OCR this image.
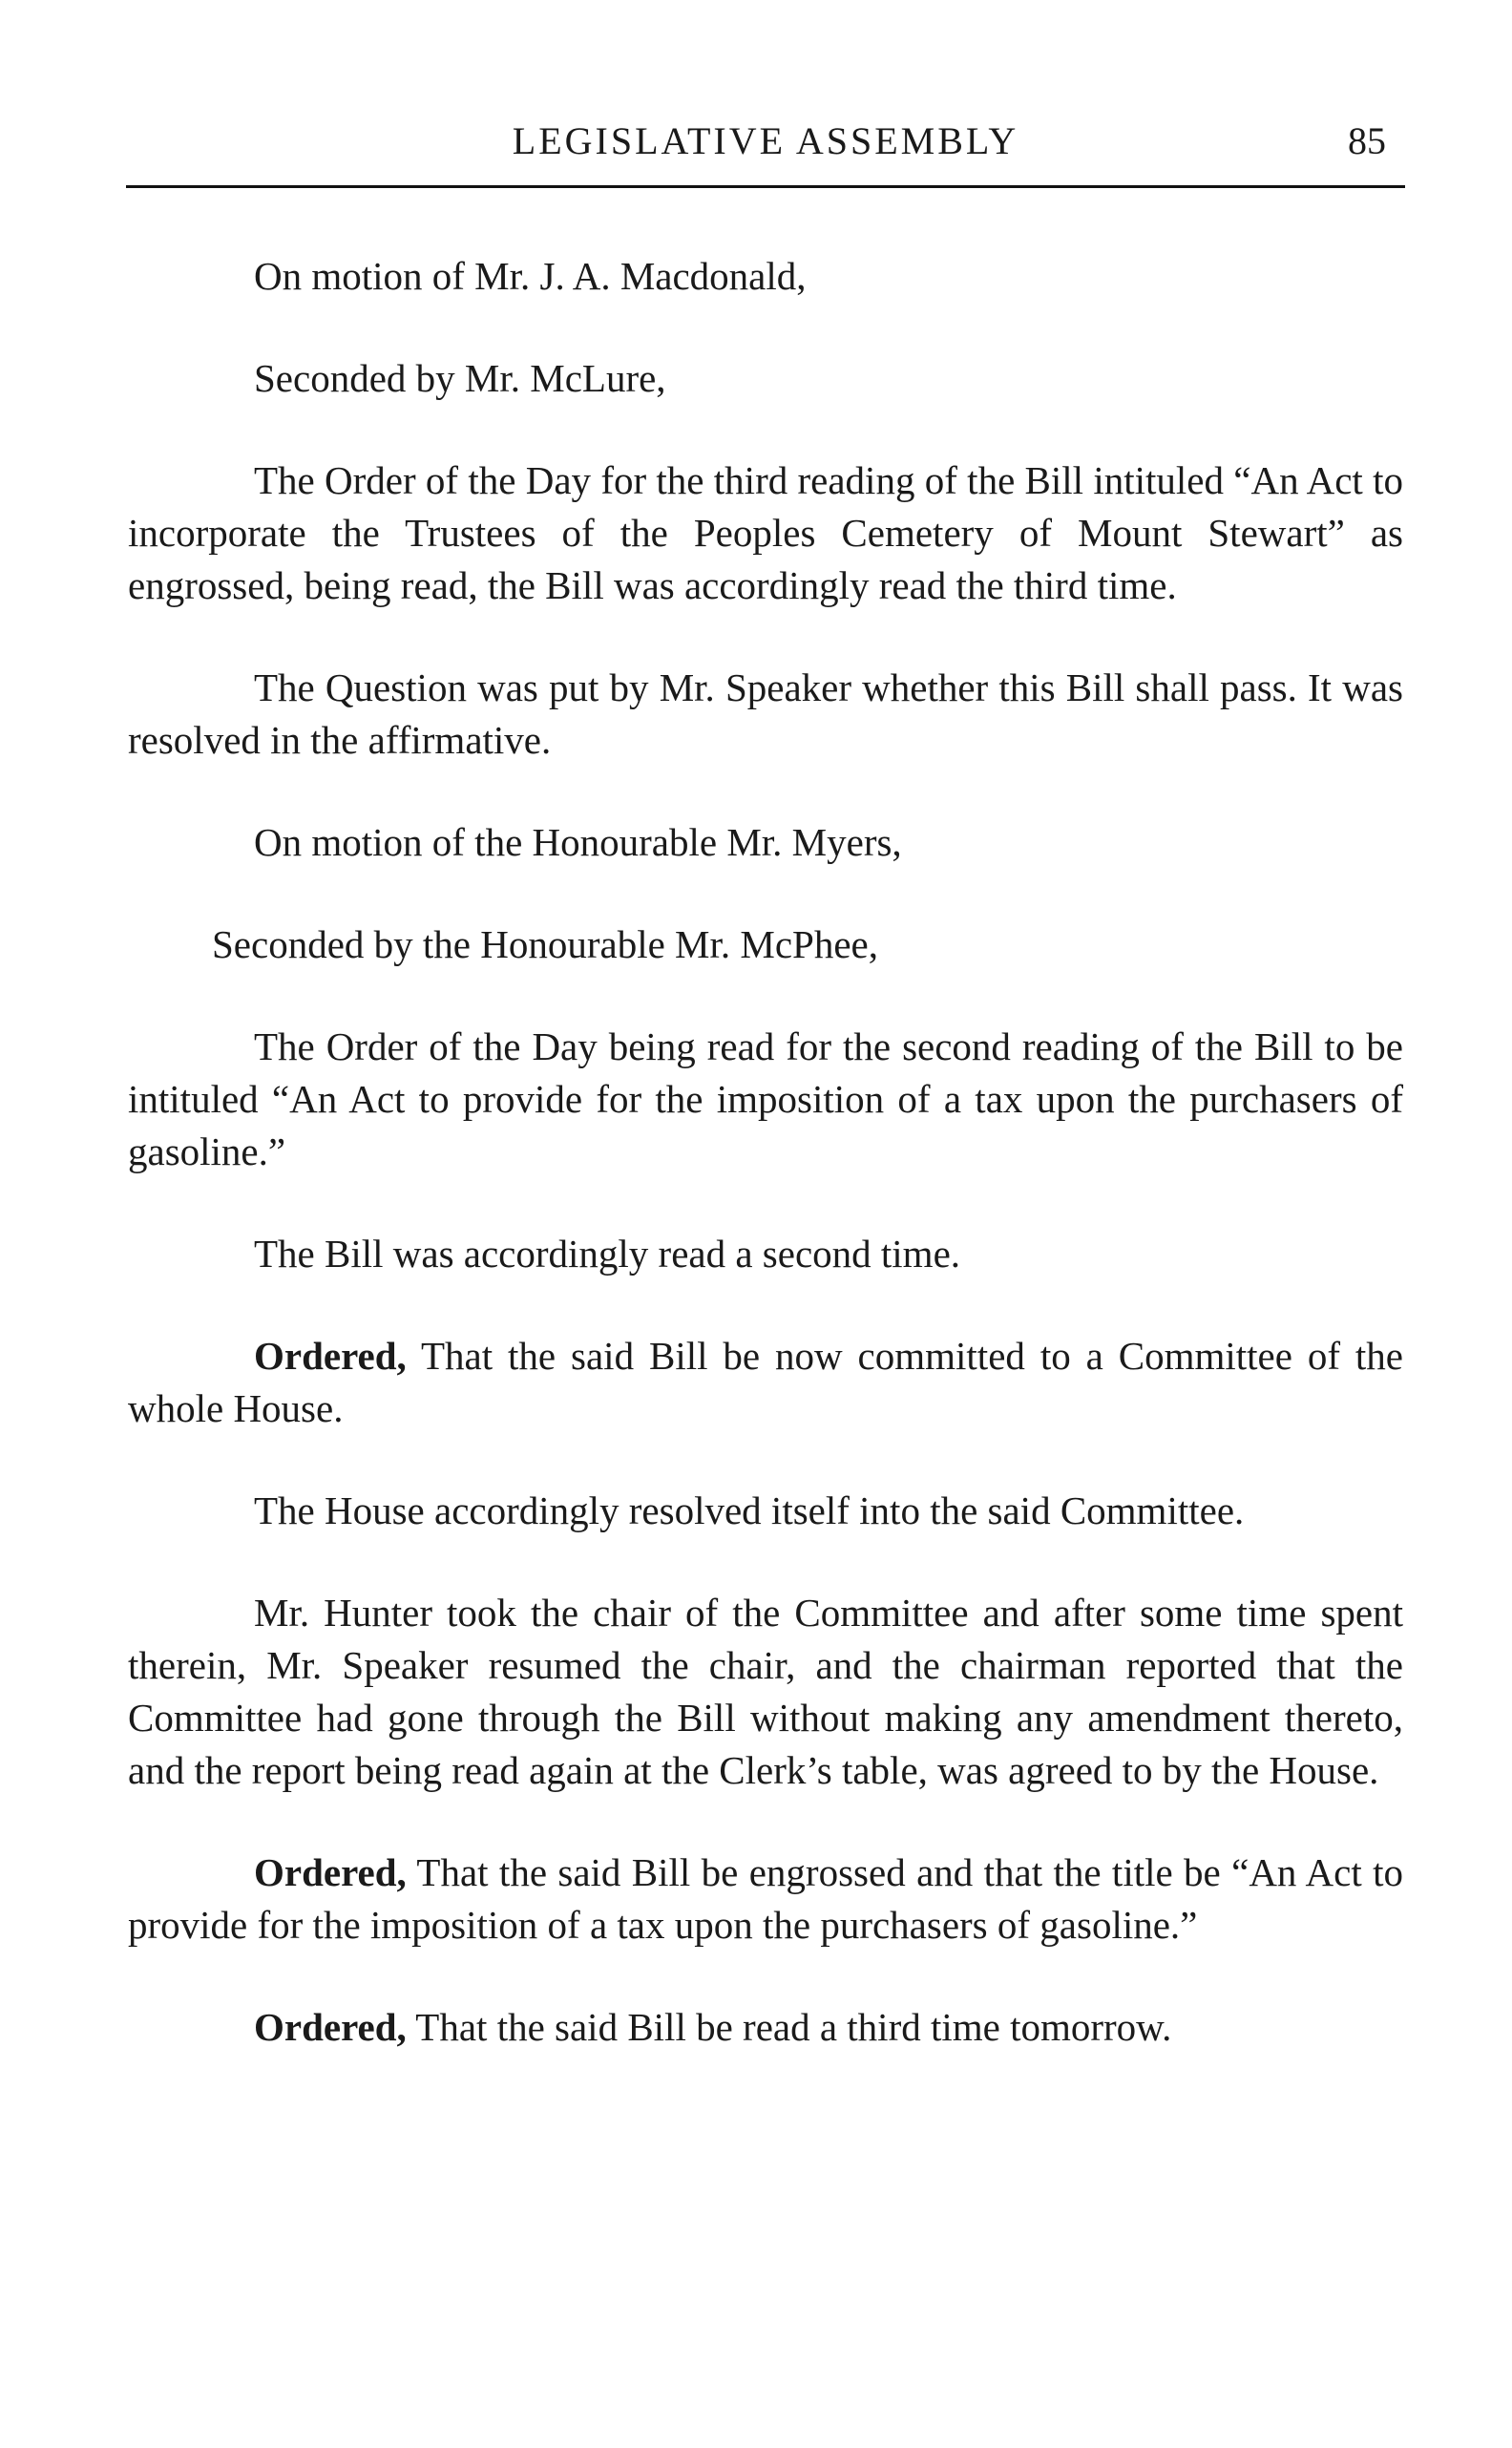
LEGISLATIVE ASSEMBLY	85

On motion of Mr. J. A. Macdonald,

Seconded by Mr. McLure,

The Order of the Day for the third reading of the Bill intituled “An Act to incorporate the Trustees of the Peoples Cemetery of Mount Stewart” as engrossed, being read, the Bill was accordingly read the third time.

The Question was put by Mr. Speaker whether this Bill shall pass. It was resolved in the affirmative.

On motion of the Honourable Mr. Myers,

Seconded by the Honourable Mr. McPhee,

The Order of the Day being read for the second reading of the Bill to be intituled “An Act to provide for the imposition of a tax upon the purchasers of gasoline.”

The Bill was accordingly read a second time.

Ordered, That the said Bill be now committed to a Committee of the whole House.

The House accordingly resolved itself into the said Committee.

Mr. Hunter took the chair of the Committee and after some time spent therein, Mr. Speaker resumed the chair, and the chairman reported that the Committee had gone through the Bill without making any amendment thereto, and the report being read again at the Clerk’s table, was agreed to by the House.

Ordered, That the said Bill be engrossed and that the title be “An Act to provide for the imposition of a tax upon the purchasers of gasoline.”

Ordered, That the said Bill be read a third time tomorrow.
